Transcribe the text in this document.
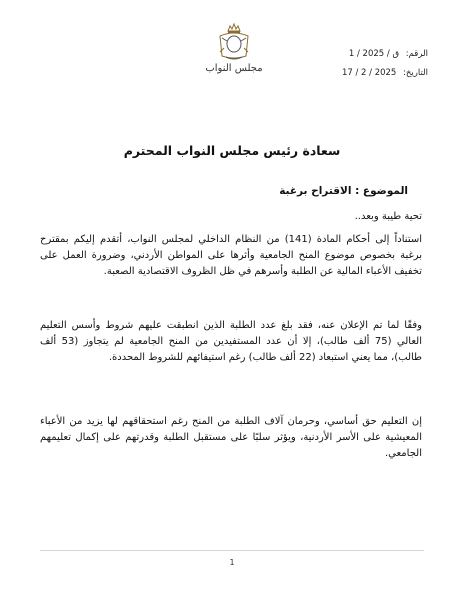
مجلس النواب
الرقم: 1 / ق / 2025
التاريخ: 17 / 2 / 2025
سعادة رئيس مجلس النواب المحترم
الموضوع : الاقتراح برغبة
تحية طيبة وبعد..

استناداً إلى أحكام المادة (141) من النظام الداخلي لمجلس النواب، أتقدم إليكم بمقترح برغبة بخصوص موضوع المنح الجامعية وأثرها على المواطن الأردني، وضرورة العمل على تخفيف الأعباء المالية عن الطلبة وأسرهم في ظل الظروف الاقتصادية الصعبة.

وفقًا لما تم الإعلان عنه، فقد بلغ عدد الطلبة الذين انطبقت عليهم شروط وأسس التعليم العالي (75 ألف طالب)، إلا أن عدد المستفيدين من المنح الجامعية لم يتجاوز (53 ألف طالب)، مما يعني استبعاد (22 ألف طالب) رغم استيفائهم للشروط المحددة.

إن التعليم حق أساسي، وحرمان آلاف الطلبة من المنح رغم استحقاقهم لها يزيد من الأعباء المعيشية على الأسر الأردنية، ويؤثر سلبًا على مستقبل الطلبة وقدرتهم على إكمال تعليمهم الجامعي.

1
